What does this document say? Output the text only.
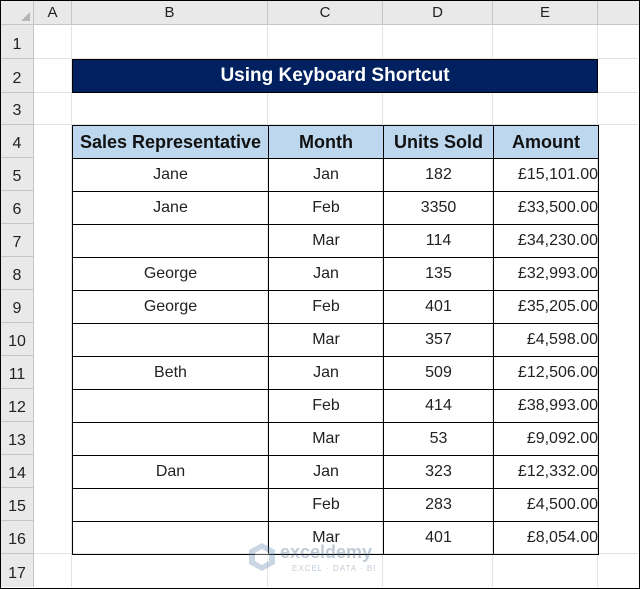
A	B	C	D	E
1
2
3
4
5
6
7
8
9
10
11
12
13
14
15
16
17
Using Keyboard Shortcut
Sales Representative	Month	Units Sold	Amount
Jane	Jan	182	£15,101.00
Jane	Feb	3350	£33,500.00
	Mar	114	£34,230.00
George	Jan	135	£32,993.00
George	Feb	401	£35,205.00
	Mar	357	£4,598.00
Beth	Jan	509	£12,506.00
	Feb	414	£38,993.00
	Mar	53	£9,092.00
Dan	Jan	323	£12,332.00
	Feb	283	£4,500.00
	Mar	401	£8,054.00
exceldemy
EXCEL · DATA · BI
